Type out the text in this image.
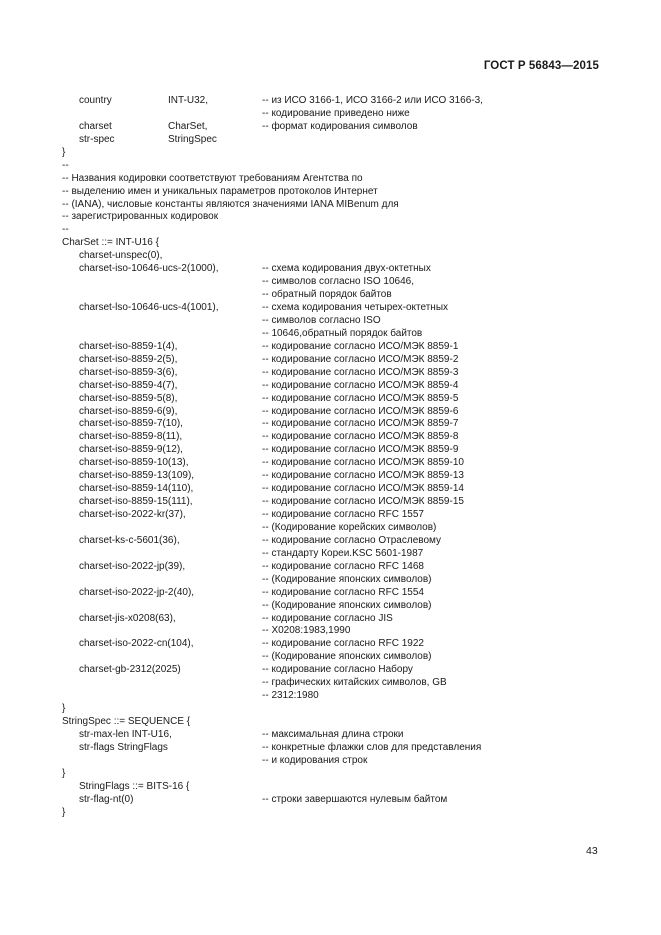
ГОСТ Р 56843—2015
country	INT-U32,	-- из ИСО 3166-1, ИСО 3166-2 или ИСО 3166-3,
-- кодирование приведено ниже
charset	CharSet,	-- формат кодирования символов
str-spec	StringSpec
}
--
-- Названия кодировки соответствуют требованиям Агентства по
-- выделению имен и уникальных параметров протоколов Интернет
-- (IANA), числовые константы являются значениями IANA MIBenum для
-- зарегистрированных кодировок
--
CharSet ::= INT-U16 {
charset-unspec(0),
charset-iso-10646-ucs-2(1000),	-- схема кодирования двух-октетных
-- символов согласно ISO 10646,
-- обратный порядок байтов
charset-lso-10646-ucs-4(1001),	-- схема кодирования четырех-октетных
-- символов согласно ISO
-- 10646,обратный порядок байтов
charset-iso-8859-1(4),	-- кодирование согласно ИСО/МЭК 8859-1
charset-iso-8859-2(5),	-- кодирование согласно ИСО/МЭК 8859-2
charset-iso-8859-3(6),	-- кодирование согласно ИСО/МЭК 8859-3
charset-iso-8859-4(7),	-- кодирование согласно ИСО/МЭК 8859-4
charset-iso-8859-5(8),	-- кодирование согласно ИСО/МЭК 8859-5
charset-iso-8859-6(9),	-- кодирование согласно ИСО/МЭК 8859-6
charset-iso-8859-7(10),	-- кодирование согласно ИСО/МЭК 8859-7
charset-iso-8859-8(11),	-- кодирование согласно ИСО/МЭК 8859-8
charset-iso-8859-9(12),	-- кодирование согласно ИСО/МЭК 8859-9
charset-iso-8859-10(13),	-- кодирование согласно ИСО/МЭК 8859-10
charset-iso-8859-13(109),	-- кодирование согласно ИСО/МЭК 8859-13
charset-iso-8859-14(110),	-- кодирование согласно ИСО/МЭК 8859-14
charset-iso-8859-15(111),	-- кодирование согласно ИСО/МЭК 8859-15
charset-iso-2022-kr(37),	-- кодирование согласно RFC 1557
-- (Кодирование корейских символов)
charset-ks-c-5601(36),	-- кодирование согласно Отраслевому
-- стандарту Кореи.KSC 5601-1987
charset-iso-2022-jp(39),	-- кодирование согласно RFC 1468
-- (Кодирование японских символов)
charset-iso-2022-jp-2(40),	-- кодирование согласно RFC 1554
-- (Кодирование японских символов)
charset-jis-x0208(63),	-- кодирование согласно JIS
-- X0208:1983,1990
charset-iso-2022-cn(104),	-- кодирование согласно RFC 1922
-- (Кодирование японских символов)
charset-gb-2312(2025)	-- кодирование согласно Набору
-- графических китайских символов, GB
-- 2312:1980
}
StringSpec ::= SEQUENCE {
str-max-len INT-U16,	-- максимальная длина строки
str-flags StringFlags	-- конкретные флажки слов для представления
-- и кодирования строк
}
StringFlags ::= BITS-16 {
str-flag-nt(0)	-- строки завершаются нулевым байтом
}
43
